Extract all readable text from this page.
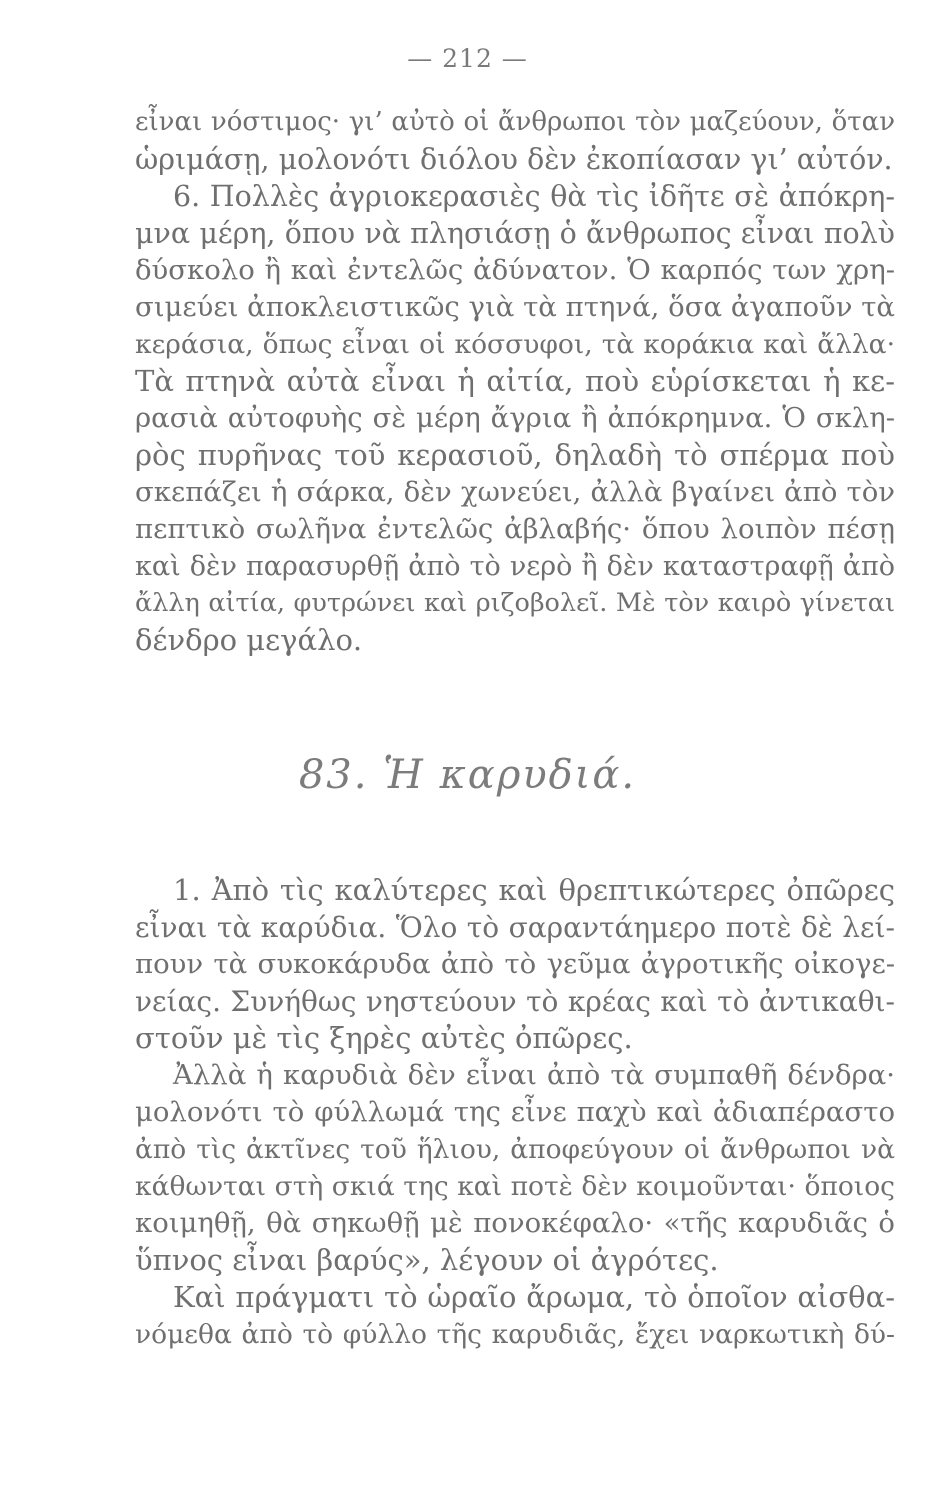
— 212 —
εἶναι νόστιμος· γι’ αὐτὸ οἱ ἄνθρωποι τὸν μαζεύουν, ὅταν
ὡριμάσῃ, μολονότι διόλου δὲν ἐκοπίασαν γι’ αὐτόν.
6. Πολλὲς ἀγριοκερασιὲς θὰ τὶς ἰδῆτε σὲ ἀπόκρη-
μνα μέρη, ὅπου νὰ πλησιάσῃ ὁ ἄνθρωπος εἶναι πολὺ
δύσκολο ἢ καὶ ἐντελῶς ἀδύνατον. Ὁ καρπός των χρη-
σιμεύει ἀποκλειστικῶς γιὰ τὰ πτηνά, ὅσα ἀγαποῦν τὰ
κεράσια, ὅπως εἶναι οἱ κόσσυφοι, τὰ κοράκια καὶ ἄλλα·
Τὰ πτηνὰ αὐτὰ εἶναι ἡ αἰτία, ποὺ εὑρίσκεται ἡ κε-
ρασιὰ αὐτοφυὴς σὲ μέρη ἄγρια ἢ ἀπόκρημνα. Ὁ σκλη-
ρὸς πυρῆνας τοῦ κερασιοῦ, δηλαδὴ τὸ σπέρμα ποὺ
σκεπάζει ἡ σάρκα, δὲν χωνεύει, ἀλλὰ βγαίνει ἀπὸ τὸν
πεπτικὸ σωλῆνα ἐντελῶς ἀβλαβής· ὅπου λοιπὸν πέσῃ
καὶ δὲν παρασυρθῇ ἀπὸ τὸ νερὸ ἢ δὲν καταστραφῇ ἀπὸ
ἄλλη αἰτία, φυτρώνει καὶ ριζοβολεῖ. Μὲ τὸν καιρὸ γίνεται
δένδρο μεγάλο.
83. Ἡ καρυδιά.
1. Ἀπὸ τὶς καλύτερες καὶ θρεπτικώτερες ὀπῶρες
εἶναι τὰ καρύδια. Ὅλο τὸ σαραντάημερο ποτὲ δὲ λεί-
πουν τὰ συκοκάρυδα ἀπὸ τὸ γεῦμα ἀγροτικῆς οἰκογε-
νείας. Συνήθως νηστεύουν τὸ κρέας καὶ τὸ ἀντικαθι-
στοῦν μὲ τὶς ξηρὲς αὐτὲς ὀπῶρες.
Ἀλλὰ ἡ καρυδιὰ δὲν εἶναι ἀπὸ τὰ συμπαθῆ δένδρα·
μολονότι τὸ φύλλωμά της εἶνε παχὺ καὶ ἀδιαπέραστο
ἀπὸ τὶς ἀκτῖνες τοῦ ἥλιου, ἀποφεύγουν οἱ ἄνθρωποι νὰ
κάθωνται στὴ σκιά της καὶ ποτὲ δὲν κοιμοῦνται· ὅποιος
κοιμηθῇ, θὰ σηκωθῇ μὲ πονοκέφαλο· «τῆς καρυδιᾶς ὁ
ὕπνος εἶναι βαρύς», λέγουν οἱ ἀγρότες.
Καὶ πράγματι τὸ ὡραῖο ἄρωμα, τὸ ὁποῖον αἰσθα-
νόμεθα ἀπὸ τὸ φύλλο τῆς καρυδιᾶς, ἔχει ναρκωτικὴ δύ-
